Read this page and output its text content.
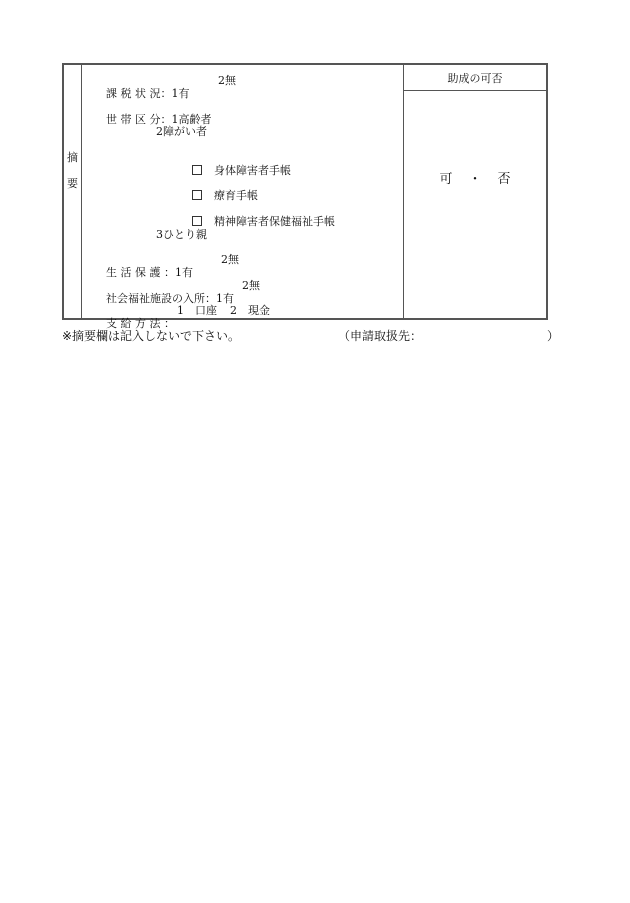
摘
要

課 税 状 況：1有

2無

世 帯 区 分：1高齢者

2障がい者

身体障害者手帳

療育手帳

精神障害者保健福祉手帳

3ひとり親

生 活 保 護 ：1有

2無

社会福祉施設の入所：1有

2無

支 給 方 法 ：

1　口座 2　現金
助成の可否
可 ・ 否
※摘要欄は記入しないで下さい。	（申請取扱先：	）
